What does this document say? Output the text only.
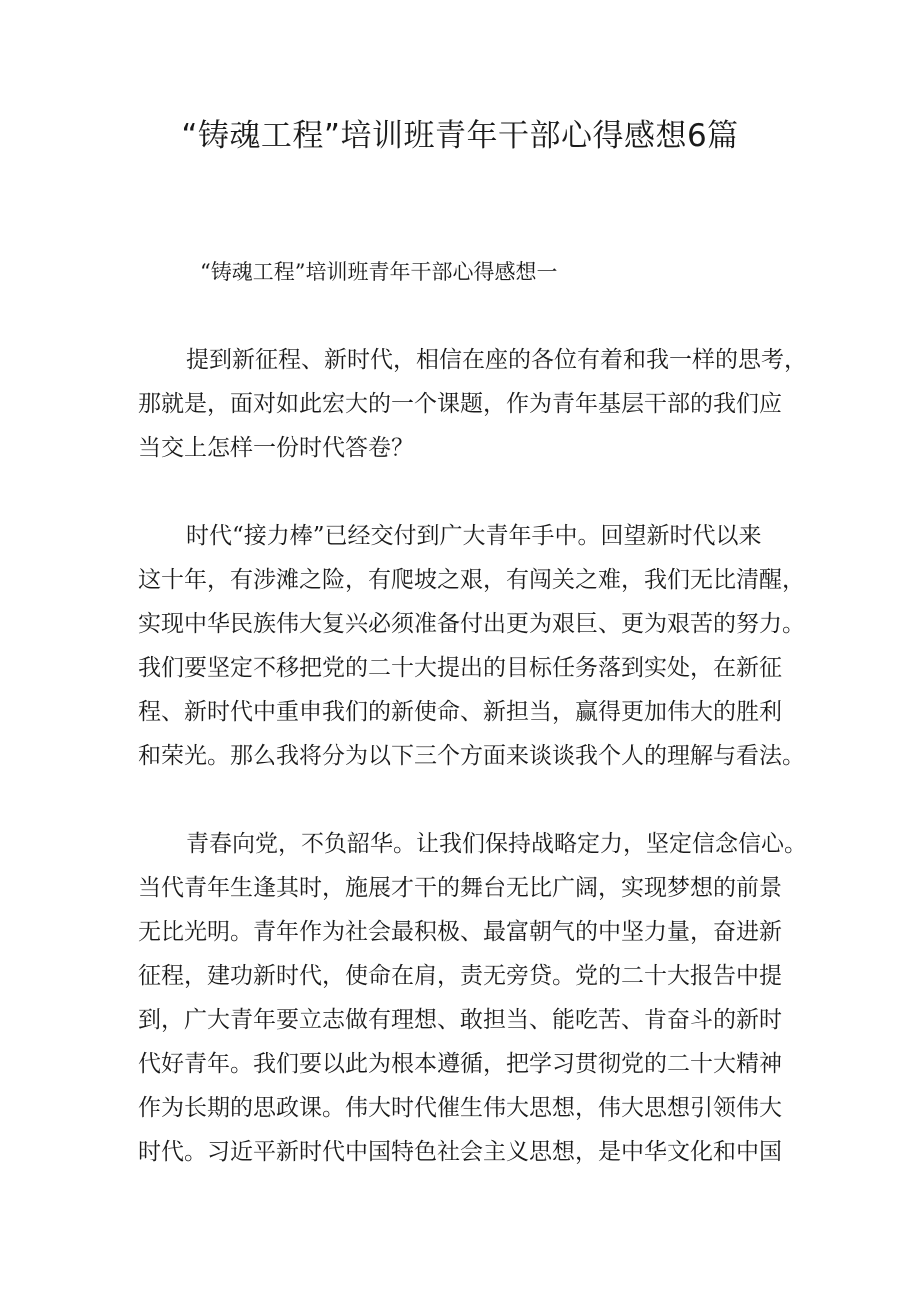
“铸魂工程”培训班青年干部心得感想6篇
“铸魂工程”培训班青年干部心得感想一

提到新征程、新时代，相信在座的各位有着和我一样的思考，
那就是，面对如此宏大的一个课题，作为青年基层干部的我们应
当交上怎样一份时代答卷？

时代“接力棒”已经交付到广大青年手中。回望新时代以来
这十年，有涉滩之险，有爬坡之艰，有闯关之难，我们无比清醒，
实现中华民族伟大复兴必须准备付出更为艰巨、更为艰苦的努力。
我们要坚定不移把党的二十大提出的目标任务落到实处，在新征
程、新时代中重申我们的新使命、新担当，赢得更加伟大的胜利
和荣光。那么我将分为以下三个方面来谈谈我个人的理解与看法。

青春向党，不负韶华。让我们保持战略定力，坚定信念信心。
当代青年生逢其时，施展才干的舞台无比广阔，实现梦想的前景
无比光明。青年作为社会最积极、最富朝气的中坚力量，奋进新
征程，建功新时代，使命在肩，责无旁贷。党的二十大报告中提
到，广大青年要立志做有理想、敢担当、能吃苦、肯奋斗的新时
代好青年。我们要以此为根本遵循，把学习贯彻党的二十大精神
作为长期的思政课。伟大时代催生伟大思想，伟大思想引领伟大
时代。习近平新时代中国特色社会主义思想，是中华文化和中国
